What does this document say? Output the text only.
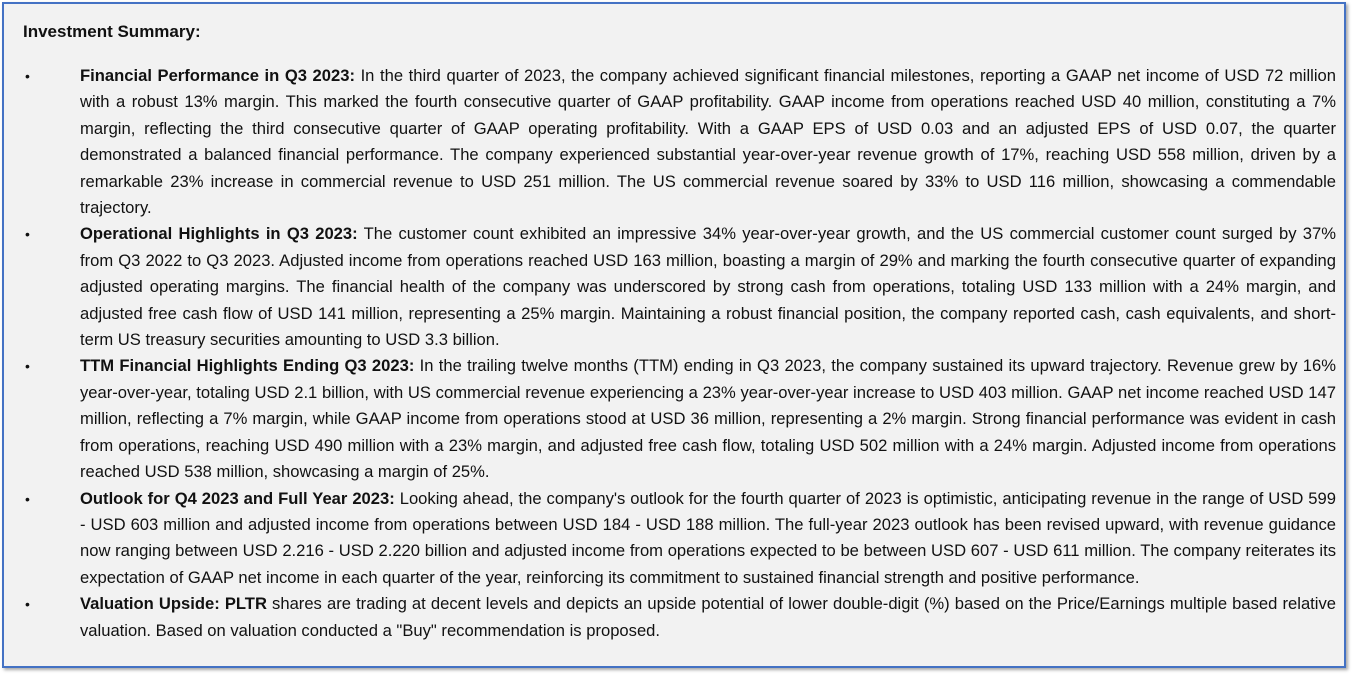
Investment Summary:
•	Financial Performance in Q3 2023: In the third quarter of 2023, the company achieved significant financial milestones, reporting a GAAP net income of USD 72 million with a robust 13% margin. This marked the fourth consecutive quarter of GAAP profitability. GAAP income from operations reached USD 40 million, constituting a 7% margin, reflecting the third consecutive quarter of GAAP operating profitability. With a GAAP EPS of USD 0.03 and an adjusted EPS of USD 0.07, the quarter demonstrated a balanced financial performance. The company experienced substantial year-over-year revenue growth of 17%, reaching USD 558 million, driven by a remarkable 23% increase in commercial revenue to USD 251 million. The US commercial revenue soared by 33% to USD 116 million, showcasing a commendable trajectory.
•	Operational Highlights in Q3 2023: The customer count exhibited an impressive 34% year-over-year growth, and the US commercial customer count surged by 37% from Q3 2022 to Q3 2023. Adjusted income from operations reached USD 163 million, boasting a margin of 29% and marking the fourth consecutive quarter of expanding adjusted operating margins. The financial health of the company was underscored by strong cash from operations, totaling USD 133 million with a 24% margin, and adjusted free cash flow of USD 141 million, representing a 25% margin. Maintaining a robust financial position, the company reported cash, cash equivalents, and short-term US treasury securities amounting to USD 3.3 billion.
•	TTM Financial Highlights Ending Q3 2023: In the trailing twelve months (TTM) ending in Q3 2023, the company sustained its upward trajectory. Revenue grew by 16% year-over-year, totaling USD 2.1 billion, with US commercial revenue experiencing a 23% year-over-year increase to USD 403 million. GAAP net income reached USD 147 million, reflecting a 7% margin, while GAAP income from operations stood at USD 36 million, representing a 2% margin. Strong financial performance was evident in cash from operations, reaching USD 490 million with a 23% margin, and adjusted free cash flow, totaling USD 502 million with a 24% margin. Adjusted income from operations reached USD 538 million, showcasing a margin of 25%.
•	Outlook for Q4 2023 and Full Year 2023: Looking ahead, the company's outlook for the fourth quarter of 2023 is optimistic, anticipating revenue in the range of USD 599 - USD 603 million and adjusted income from operations between USD 184 - USD 188 million. The full-year 2023 outlook has been revised upward, with revenue guidance now ranging between USD 2.216 - USD 2.220 billion and adjusted income from operations expected to be between USD 607 - USD 611 million. The company reiterates its expectation of GAAP net income in each quarter of the year, reinforcing its commitment to sustained financial strength and positive performance.
•	Valuation Upside: PLTR shares are trading at decent levels and depicts an upside potential of lower double-digit (%) based on the Price/Earnings multiple based relative valuation. Based on valuation conducted a "Buy" recommendation is proposed.
